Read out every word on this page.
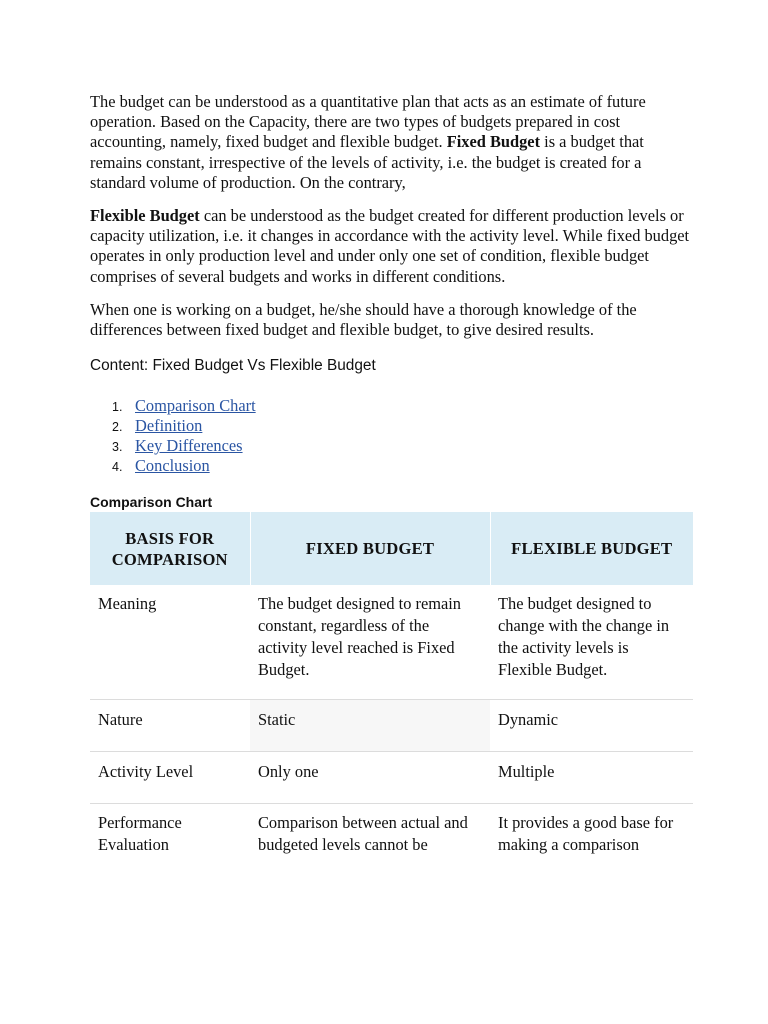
The budget can be understood as a quantitative plan that acts as an estimate of future operation. Based on the Capacity, there are two types of budgets prepared in cost accounting, namely, fixed budget and flexible budget. Fixed Budget is a budget that remains constant, irrespective of the levels of activity, i.e. the budget is created for a standard volume of production. On the contrary,

Flexible Budget can be understood as the budget created for different production levels or capacity utilization, i.e. it changes in accordance with the activity level. While fixed budget operates in only production level and under only one set of condition, flexible budget comprises of several budgets and works in different conditions.

When one is working on a budget, he/she should have a thorough knowledge of the differences between fixed budget and flexible budget, to give desired results.

Content: Fixed Budget Vs Flexible Budget
1. Comparison Chart
2. Definition
3. Key Differences
4. Conclusion
Comparison Chart
BASIS FOR COMPARISON	FIXED BUDGET	FLEXIBLE BUDGET
Meaning	The budget designed to remain constant, regardless of the activity level reached is Fixed Budget.	The budget designed to change with the change in the activity levels is Flexible Budget.
Nature	Static	Dynamic
Activity Level	Only one	Multiple

Performance Evaluation	Comparison between actual and budgeted levels cannot be	It provides a good base for making a comparison
